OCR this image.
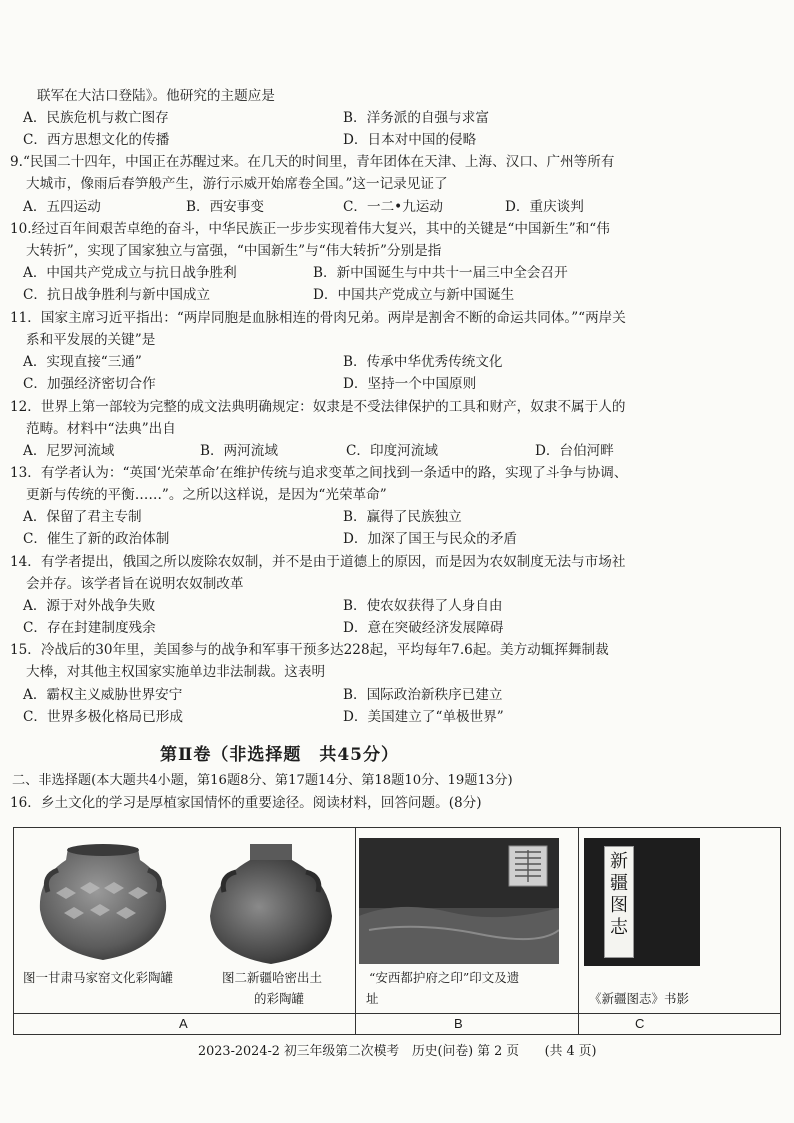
联军在大沽口登陆》。他研究的主题应是
A．民族危机与救亡图存	B．洋务派的自强与求富
C．西方思想文化的传播	D．日本对中国的侵略
9.“民国二十四年，中国正在苏醒过来。在几天的时间里，青年团体在天津、上海、汉口、广州等所有
大城市，像雨后春笋般产生，游行示威开始席卷全国。”这一记录见证了
A．五四运动	B．西安事变	C．一二•九运动	D．重庆谈判
10.经过百年间艰苦卓绝的奋斗，中华民族正一步步实现着伟大复兴，其中的关键是“中国新生”和“伟
大转折”，实现了国家独立与富强，“中国新生”与“伟大转折”分别是指
A．中国共产党成立与抗日战争胜利	B．新中国诞生与中共十一届三中全会召开
C．抗日战争胜利与新中国成立	D．中国共产党成立与新中国诞生
11．国家主席习近平指出：“两岸同胞是血脉相连的骨肉兄弟。两岸是割舍不断的命运共同体。”“两岸关
系和平发展的关键”是
A．实现直接“三通”	B．传承中华优秀传统文化
C．加强经济密切合作	D．坚持一个中国原则
12．世界上第一部较为完整的成文法典明确规定：奴隶是不受法律保护的工具和财产，奴隶不属于人的
范畴。材料中“法典”出自
A．尼罗河流域	B．两河流域	C．印度河流域	D．台伯河畔
13．有学者认为：“英国‘光荣革命’在维护传统与追求变革之间找到一条适中的路，实现了斗争与协调、
更新与传统的平衡……”。之所以这样说，是因为“光荣革命”
A．保留了君主专制	B．赢得了民族独立
C．催生了新的政治体制	D．加深了国王与民众的矛盾
14．有学者提出，俄国之所以废除农奴制，并不是由于道德上的原因，而是因为农奴制度无法与市场社
会并存。该学者旨在说明农奴制改革
A．源于对外战争失败	B．使农奴获得了人身自由
C．存在封建制度残余	D．意在突破经济发展障碍
15．冷战后的30年里，美国参与的战争和军事干预多达228起，平均每年7.6起。美方动辄挥舞制裁
大棒，对其他主权国家实施单边非法制裁。这表明
A．霸权主义威胁世界安宁	B．国际政治新秩序已建立
C．世界多极化格局已形成	D．美国建立了“单极世界”
第Ⅱ卷（非选择题　共45分）
二、非选择题(本大题共4小题，第16题8分、第17题14分、第18题10分、19题13分)
16．乡土文化的学习是厚植家国情怀的重要途径。阅读材料，回答问题。(8分)
图一甘肃马家窑文化彩陶罐	图二新疆哈密出土
的彩陶罐
“安西都护府之印”印文及遗
址
新疆图志
《新疆图志》书影
A	B	C
2023-2024-2 初三年级第二次模考　历史(问卷) 第 2 页　　(共 4 页)
